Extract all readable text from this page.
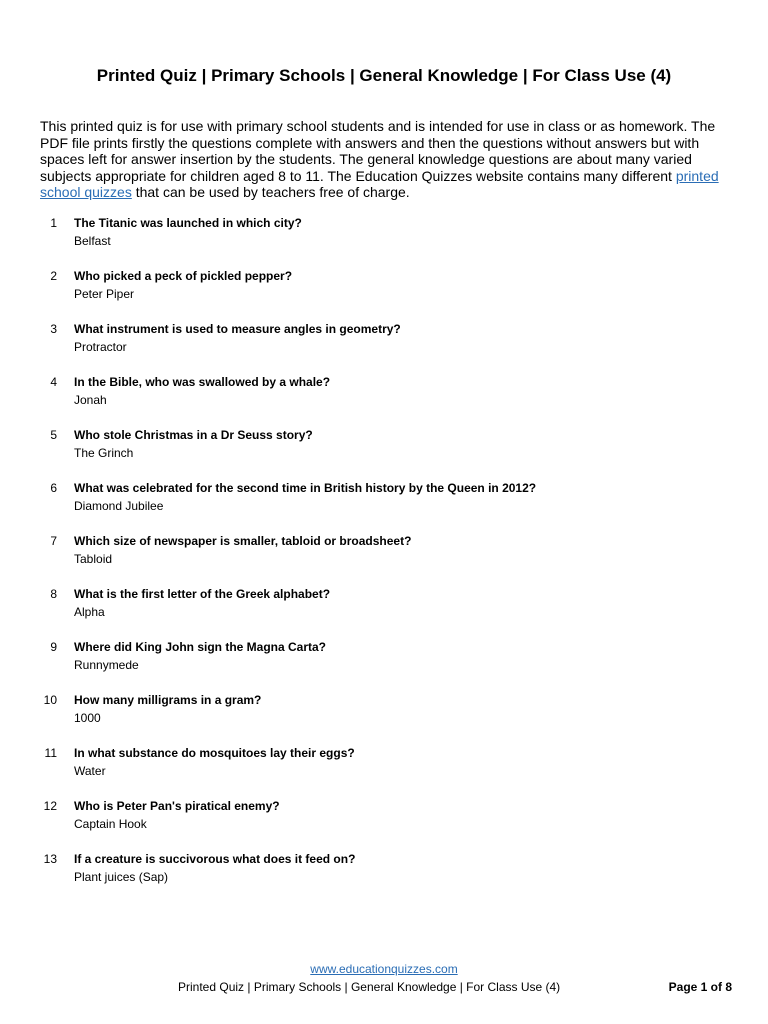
Printed Quiz | Primary Schools | General Knowledge | For Class Use (4)

This printed quiz is for use with primary school students and is intended for use in class or as homework. The PDF file prints firstly the questions complete with answers and then the questions without answers but with spaces left for answer insertion by the students. The general knowledge questions are about many varied subjects appropriate for children aged 8 to 11. The Education Quizzes website contains many different printed school quizzes that can be used by teachers free of charge.

1 The Titanic was launched in which city?
Belfast
2 Who picked a peck of pickled pepper?
Peter Piper
3 What instrument is used to measure angles in geometry?
Protractor
4 In the Bible, who was swallowed by a whale?
Jonah
5 Who stole Christmas in a Dr Seuss story?
The Grinch
6 What was celebrated for the second time in British history by the Queen in 2012?
Diamond Jubilee
7 Which size of newspaper is smaller, tabloid or broadsheet?
Tabloid
8 What is the first letter of the Greek alphabet?
Alpha
9 Where did King John sign the Magna Carta?
Runnymede
10 How many milligrams in a gram?
1000
11 In what substance do mosquitoes lay their eggs?
Water
12 Who is Peter Pan's piratical enemy?
Captain Hook
13 If a creature is succivorous what does it feed on?
Plant juices (Sap)
www.educationquizzes.com
Printed Quiz | Primary Schools | General Knowledge | For Class Use (4)	Page 1 of 8
